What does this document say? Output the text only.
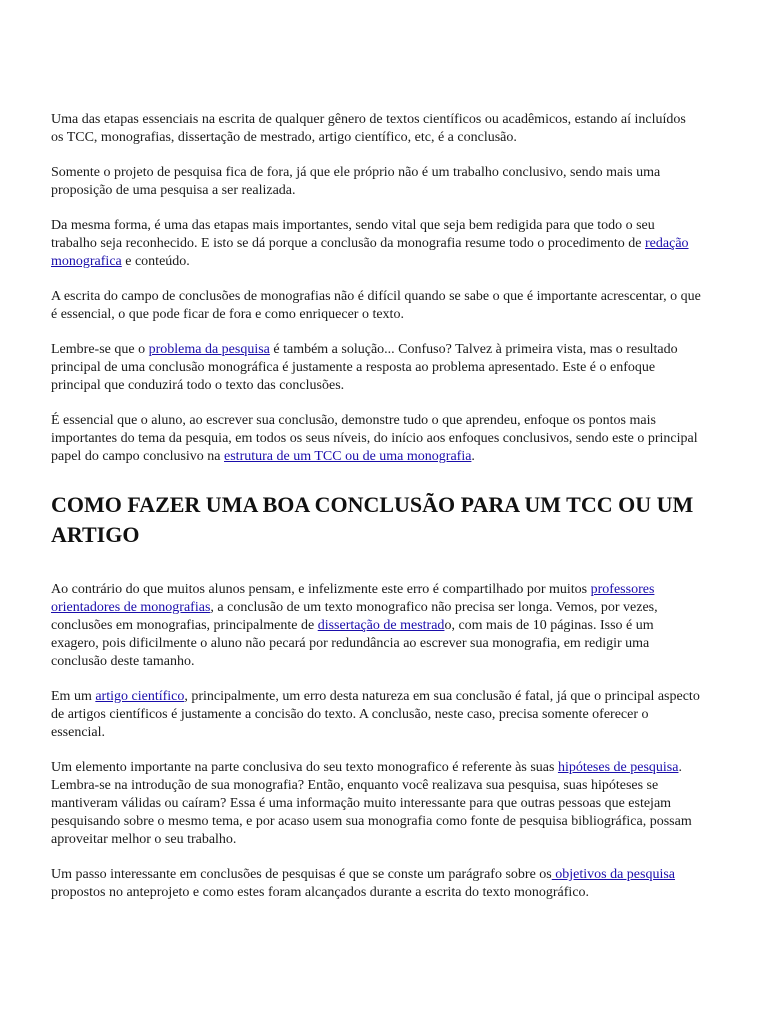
Uma das etapas essenciais na escrita de qualquer gênero de textos científicos ou acadêmicos, estando aí incluídos os TCC, monografias, dissertação de mestrado, artigo científico, etc, é a conclusão.

Somente o projeto de pesquisa fica de fora, já que ele próprio não é um trabalho conclusivo, sendo mais uma proposição de uma pesquisa a ser realizada.

Da mesma forma, é uma das etapas mais importantes, sendo vital que seja bem redigida para que todo o seu trabalho seja reconhecido. E isto se dá porque a conclusão da monografia resume todo o procedimento de redação monografica e conteúdo.

A escrita do campo de conclusões de monografias não é difícil quando se sabe o que é importante acrescentar, o que é essencial, o que pode ficar de fora e como enriquecer o texto.

Lembre-se que o problema da pesquisa é também a solução... Confuso? Talvez à primeira vista, mas o resultado principal de uma conclusão monográfica é justamente a resposta ao problema apresentado. Este é o enfoque principal que conduzirá todo o texto das conclusões.

É essencial que o aluno, ao escrever sua conclusão, demonstre tudo o que aprendeu, enfoque os pontos mais importantes do tema da pesquia, em todos os seus níveis, do início aos enfoques conclusivos, sendo este o principal papel do campo conclusivo na estrutura de um TCC ou de uma monografia.

COMO FAZER UMA BOA CONCLUSÃO PARA UM TCC OU UM ARTIGO

Ao contrário do que muitos alunos pensam, e infelizmente este erro é compartilhado por muitos professores orientadores de monografias, a conclusão de um texto monografico não precisa ser longa. Vemos, por vezes, conclusões em monografias, principalmente de dissertação de mestrado, com mais de 10 páginas. Isso é um exagero, pois dificilmente o aluno não pecará por redundância ao escrever sua monografia, em redigir uma conclusão deste tamanho.

Em um artigo científico, principalmente, um erro desta natureza em sua conclusão é fatal, já que o principal aspecto de artigos científicos é justamente a concisão do texto. A conclusão, neste caso, precisa somente oferecer o essencial.

Um elemento importante na parte conclusiva do seu texto monografico é referente às suas hipóteses de pesquisa. Lembra-se na introdução de sua monografia? Então, enquanto você realizava sua pesquisa, suas hipóteses se mantiveram válidas ou caíram? Essa é uma informação muito interessante para que outras pessoas que estejam pesquisando sobre o mesmo tema, e por acaso usem sua monografia como fonte de pesquisa bibliográfica, possam aproveitar melhor o seu trabalho.

Um passo interessante em conclusões de pesquisas é que se conste um parágrafo sobre os objetivos da pesquisa propostos no anteprojeto e como estes foram alcançados durante a escrita do texto monográfico.
